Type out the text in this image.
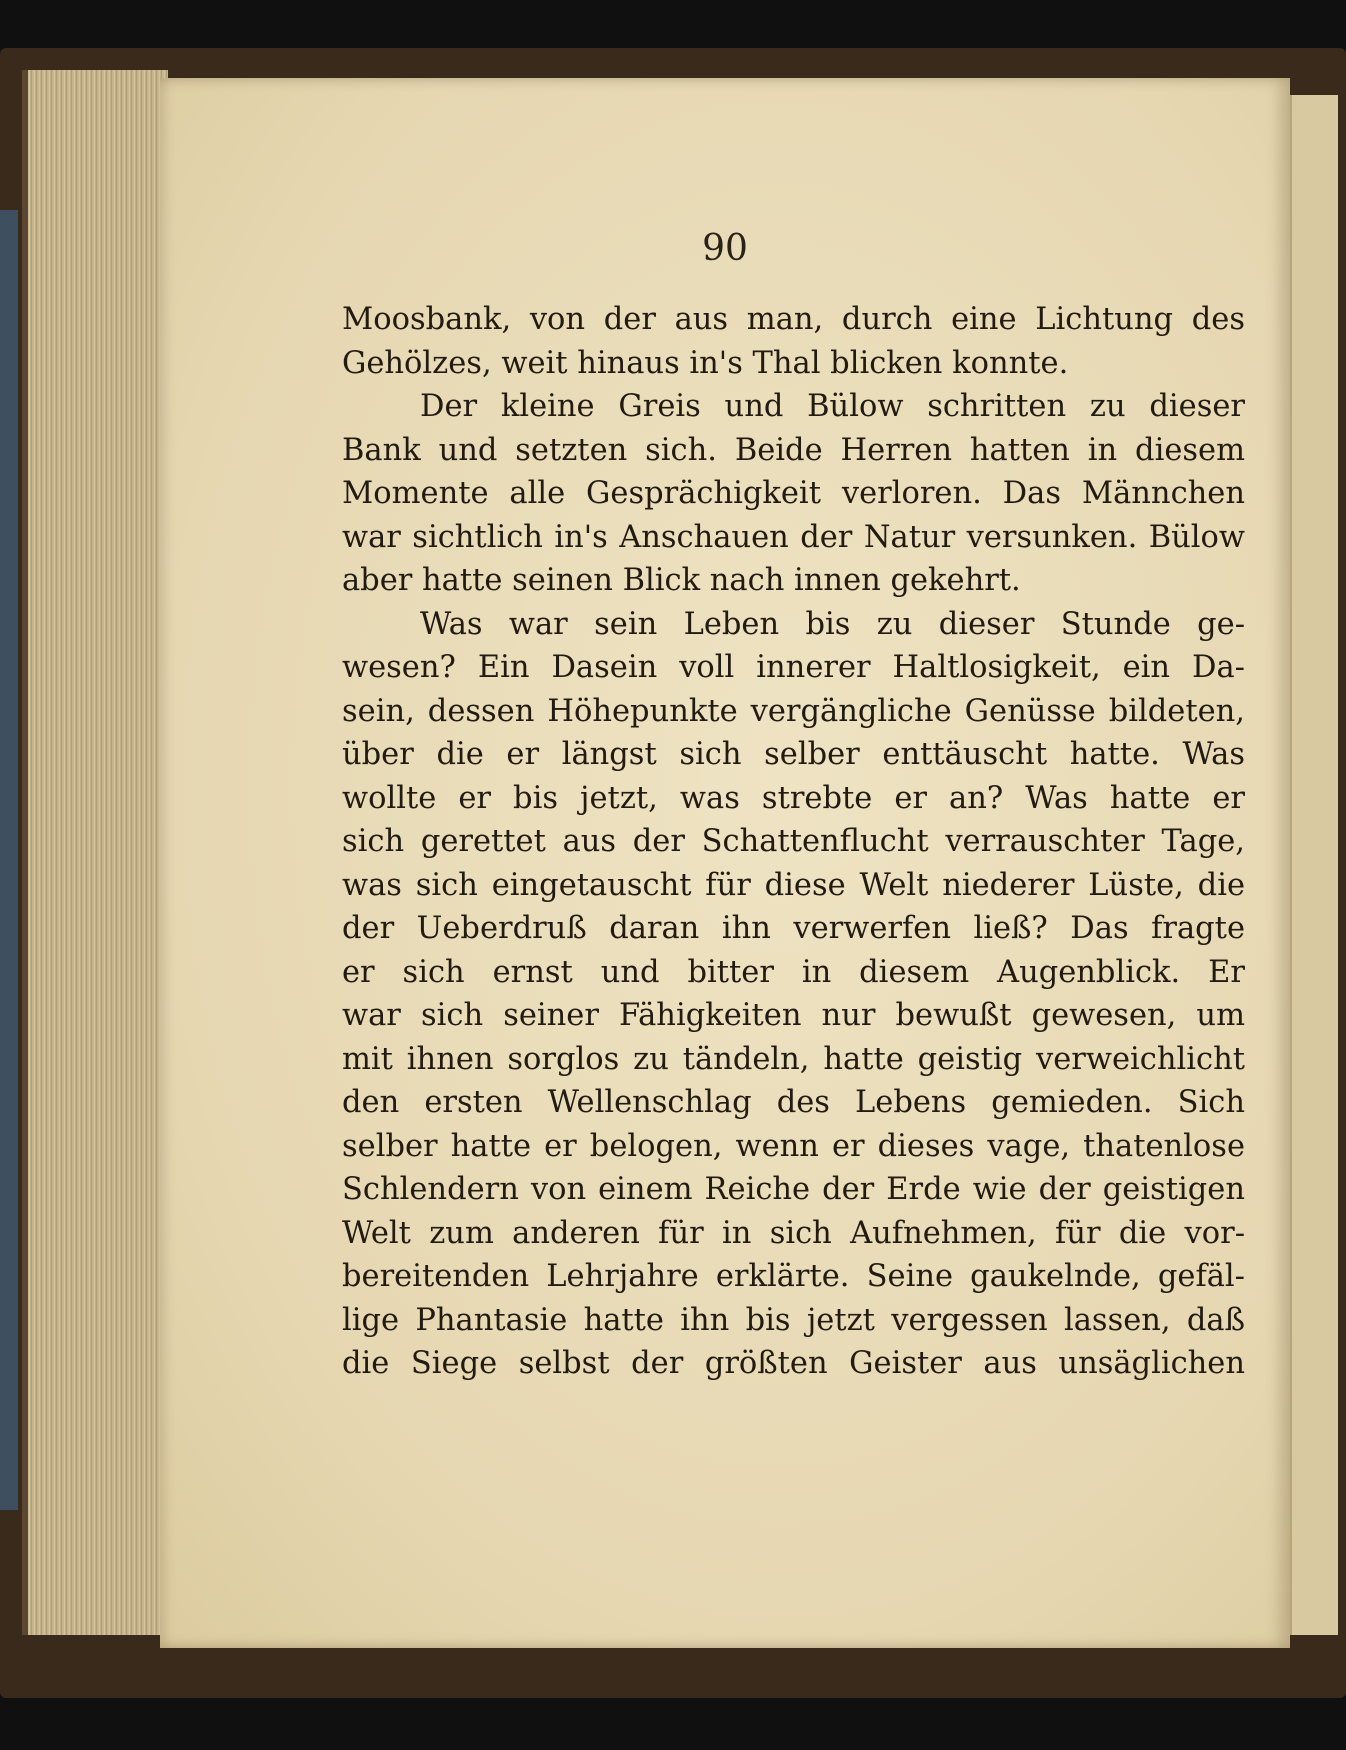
90
Moosbank, von der aus man, durch eine Lichtung des
Gehölzes, weit hinaus in's Thal blicken konnte.
Der kleine Greis und Bülow schritten zu dieser
Bank und setzten sich. Beide Herren hatten in diesem
Momente alle Gesprächigkeit verloren. Das Männchen
war sichtlich in's Anschauen der Natur versunken. Bülow
aber hatte seinen Blick nach innen gekehrt.
Was war sein Leben bis zu dieser Stunde ge-
wesen? Ein Dasein voll innerer Haltlosigkeit, ein Da-
sein, dessen Höhepunkte vergängliche Genüsse bildeten,
über die er längst sich selber enttäuscht hatte. Was
wollte er bis jetzt, was strebte er an? Was hatte er
sich gerettet aus der Schattenflucht verrauschter Tage,
was sich eingetauscht für diese Welt niederer Lüste, die
der Ueberdruß daran ihn verwerfen ließ? Das fragte
er sich ernst und bitter in diesem Augenblick. Er
war sich seiner Fähigkeiten nur bewußt gewesen, um
mit ihnen sorglos zu tändeln, hatte geistig verweichlicht
den ersten Wellenschlag des Lebens gemieden. Sich
selber hatte er belogen, wenn er dieses vage, thatenlose
Schlendern von einem Reiche der Erde wie der geistigen
Welt zum anderen für in sich Aufnehmen, für die vor-
bereitenden Lehrjahre erklärte. Seine gaukelnde, gefäl-
lige Phantasie hatte ihn bis jetzt vergessen lassen, daß
die Siege selbst der größten Geister aus unsäglichen
